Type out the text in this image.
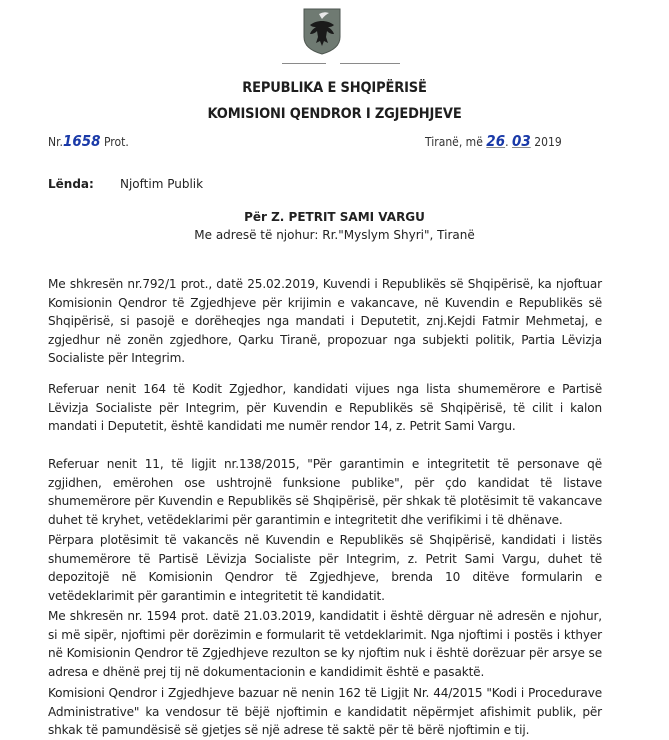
REPUBLIKA E SHQIPËRISË
KOMISIONI QENDROR I ZGJEDHJEVE
Nr.1658 Prot.	Tiranë, më 26. 03 2019
Lënda: Njoftim Publik
Për Z. PETRIT SAMI VARGU
Me adresë të njohur: Rr."Myslym Shyri", Tiranë

Me shkresën nr.792/1 prot., datë 25.02.2019, Kuvendi i Republikës së Shqipërisë, ka njoftuar Komisionin Qendror të Zgjedhjeve për krijimin e vakancave, në Kuvendin e Republikës së Shqipërisë, si pasojë e dorëheqjes nga mandati i Deputetit, znj.Kejdi Fatmir Mehmetaj, e zgjedhur në zonën zgjedhore, Qarku Tiranë, propozuar nga subjekti politik, Partia Lëvizja Socialiste për Integrim.

Referuar nenit 164 të Kodit Zgjedhor, kandidati vijues nga lista shumemërore e Partisë Lëvizja Socialiste për Integrim, për Kuvendin e Republikës së Shqipërisë, të cilit i kalon mandati i Deputetit, është kandidati me numër rendor 14, z. Petrit Sami Vargu.

Referuar nenit 11, të ligjit nr.138/2015, "Për garantimin e integritetit të personave që zgjidhen, emërohen ose ushtrojnë funksione publike", për çdo kandidat të listave shumemërore për Kuvendin e Republikës së Shqipërisë, për shkak të plotësimit të vakancave duhet të kryhet, vetëdeklarimi për garantimin e integritetit dhe verifikimi i të dhënave.

Përpara plotësimit të vakancës në Kuvendin e Republikës së Shqipërisë, kandidati i listës shumemërore të Partisë Lëvizja Socialiste për Integrim, z. Petrit Sami Vargu, duhet të depozitojë në Komisionin Qendror të Zgjedhjeve, brenda 10 ditëve formularin e vetëdeklarimit për garantimin e integritetit të kandidatit.

Me shkresën nr. 1594 prot. datë 21.03.2019, kandidatit i është dërguar në adresën e njohur, si më sipër, njoftimi për dorëzimin e formularit të vetdeklarimit. Nga njoftimi i postës i kthyer në Komisionin Qendror të Zgjedhjeve rezulton se ky njoftim nuk i është dorëzuar për arsye se adresa e dhënë prej tij në dokumentacionin e kandidimit është e pasaktë.

Komisioni Qendror i Zgjedhjeve bazuar në nenin 162 të Ligjit Nr. 44/2015 "Kodi i Procedurave Administrative" ka vendosur të bëjë njoftimin e kandidatit nëpërmjet afishimit publik, për shkak të pamundësisë së gjetjes së një adrese të saktë për të bërë njoftimin e tij.
